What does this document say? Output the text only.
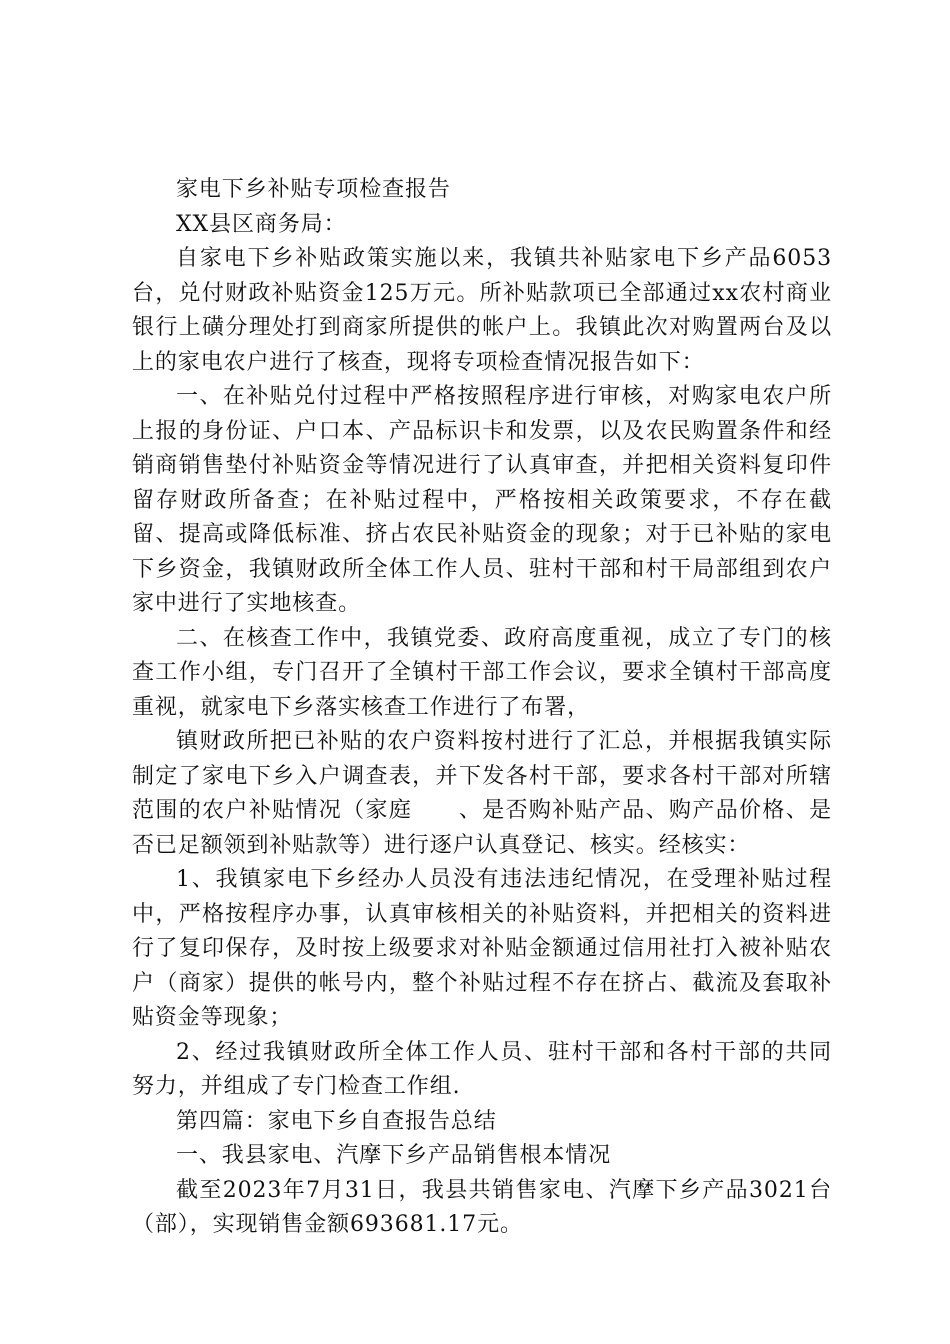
家电下乡补贴专项检查报告

XX县区商务局：

自家电下乡补贴政策实施以来，我镇共补贴家电下乡产品6053台，兑付财政补贴资金125万元。所补贴款项已全部通过xx农村商业银行上磺分理处打到商家所提供的帐户上。我镇此次对购置两台及以上的家电农户进行了核查，现将专项检查情况报告如下：

一、在补贴兑付过程中严格按照程序进行审核，对购家电农户所上报的身份证、户口本、产品标识卡和发票，以及农民购置条件和经销商销售垫付补贴资金等情况进行了认真审查，并把相关资料复印件留存财政所备查；在补贴过程中，严格按相关政策要求，不存在截留、提高或降低标准、挤占农民补贴资金的现象；对于已补贴的家电下乡资金，我镇财政所全体工作人员、驻村干部和村干局部组到农户家中进行了实地核查。

二、在核查工作中，我镇党委、政府高度重视，成立了专门的核查工作小组，专门召开了全镇村干部工作会议，要求全镇村干部高度重视，就家电下乡落实核查工作进行了布署，

镇财政所把已补贴的农户资料按村进行了汇总，并根据我镇实际制定了家电下乡入户调查表，并下发各村干部，要求各村干部对所辖范围的农户补贴情况（家庭　　、是否购补贴产品、购产品价格、是否已足额领到补贴款等）进行逐户认真登记、核实。经核实：

1、我镇家电下乡经办人员没有违法违纪情况，在受理补贴过程中，严格按程序办事，认真审核相关的补贴资料，并把相关的资料进行了复印保存，及时按上级要求对补贴金额通过信用社打入被补贴农户（商家）提供的帐号内，整个补贴过程不存在挤占、截流及套取补贴资金等现象；

2、经过我镇财政所全体工作人员、驻村干部和各村干部的共同努力，并组成了专门检查工作组.

第四篇：家电下乡自查报告总结

一、我县家电、汽摩下乡产品销售根本情况

截至2023年7月31日，我县共销售家电、汽摩下乡产品3021台（部），实现销售金额693681.17元。
